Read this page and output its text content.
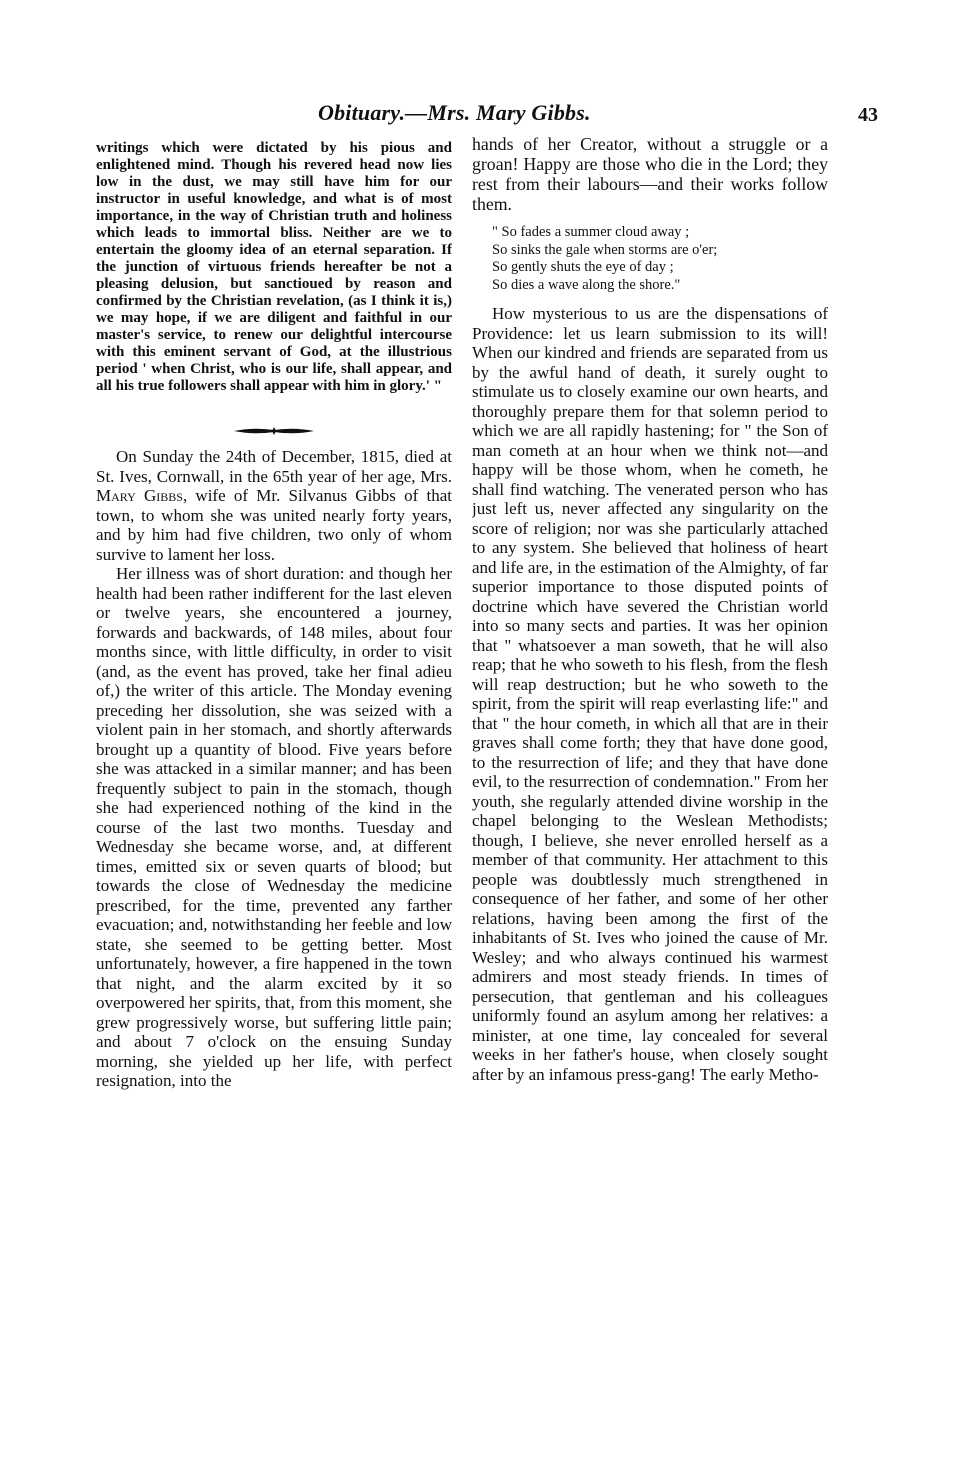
Obituary.—Mrs. Mary Gibbs.	43

writings which were dictated by his pious and enlightened mind. Though his revered head now lies low in the dust, we may still have him for our instructor in useful knowledge, and what is of most importance, in the way of Christian truth and holiness which leads to immortal bliss. Neither are we to entertain the gloomy idea of an eternal separation. If the junction of virtuous friends hereafter be not a pleasing delusion, but sanctioued by reason and confirmed by the Christian revelation, (as I think it is,) we may hope, if we are diligent and faithful in our master's service, to renew our delightful intercourse with this eminent servant of God, at the illustrious period ' when Christ, who is our life, shall appear, and all his true followers shall appear with him in glory.' "

On Sunday the 24th of December, 1815, died at St. Ives, Cornwall, in the 65th year of her age, Mrs. Mary Gibbs, wife of Mr. Silvanus Gibbs of that town, to whom she was united nearly forty years, and by him had five children, two only of whom survive to lament her loss.

Her illness was of short duration: and though her health had been rather indifferent for the last eleven or twelve years, she encountered a journey, forwards and backwards, of 148 miles, about four months since, with little difficulty, in order to visit (and, as the event has proved, take her final adieu of,) the writer of this article. The Monday evening preceding her dissolution, she was seized with a violent pain in her stomach, and shortly afterwards brought up a quantity of blood. Five years before she was attacked in a similar manner; and has been frequently subject to pain in the stomach, though she had experienced nothing of the kind in the course of the last two months. Tuesday and Wednesday she became worse, and, at different times, emitted six or seven quarts of blood; but towards the close of Wednesday the medicine prescribed, for the time, prevented any farther evacuation; and, notwithstanding her feeble and low state, she seemed to be getting better. Most unfortunately, however, a fire happened in the town that night, and the alarm excited by it so overpowered her spirits, that, from this moment, she grew progressively worse, but suffering little pain; and about 7 o'clock on the ensuing Sunday morning, she yielded up her life, with perfect resignation, into the

hands of her Creator, without a struggle or a groan! Happy are those who die in the Lord; they rest from their labours—and their works follow them.

" So fades a summer cloud away ;
So sinks the gale when storms are o'er;
So gently shuts the eye of day ;
So dies a wave along the shore."

How mysterious to us are the dispensations of Providence: let us learn submission to its will! When our kindred and friends are separated from us by the awful hand of death, it surely ought to stimulate us to closely examine our own hearts, and thoroughly prepare them for that solemn period to which we are all rapidly hastening; for " the Son of man cometh at an hour when we think not—and happy will be those whom, when he cometh, he shall find watching. The venerated person who has just left us, never affected any singularity on the score of religion; nor was she particularly attached to any system. She believed that holiness of heart and life are, in the estimation of the Almighty, of far superior importance to those disputed points of doctrine which have severed the Christian world into so many sects and parties. It was her opinion that " whatsoever a man soweth, that he will also reap; that he who soweth to his flesh, from the flesh will reap destruction; but he who soweth to the spirit, from the spirit will reap everlasting life:" and that " the hour cometh, in which all that are in their graves shall come forth; they that have done good, to the resurrection of life; and they that have done evil, to the resurrection of condemnation." From her youth, she regularly attended divine worship in the chapel belonging to the Weslean Methodists; though, I believe, she never enrolled herself as a member of that community. Her attachment to this people was doubtlessly much strengthened in consequence of her father, and some of her other relations, having been among the first of the inhabitants of St. Ives who joined the cause of Mr. Wesley; and who always continued his warmest admirers and most steady friends. In times of persecution, that gentleman and his colleagues uniformly found an asylum among her relatives: a minister, at one time, lay concealed for several weeks in her father's house, when closely sought after by an infamous press-gang! The early Metho-
